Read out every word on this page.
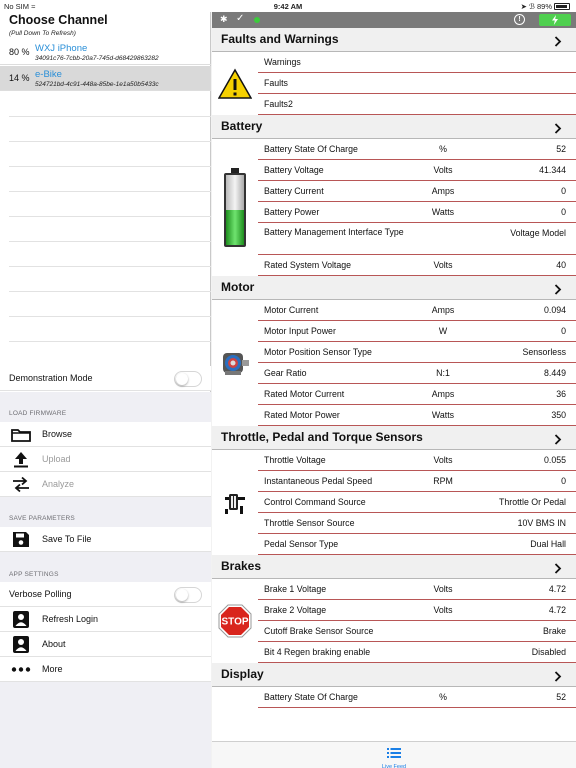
No SIM ≈	9:42 AM	➤ ℬ 89%
Choose Channel
(Pull Down To Refresh)
80 % WXJ iPhone
34091c76-7cbb-20a7-745d-d68429863282
14 % e-Bike
524721bd-4c91-448a-85be-1e1a50b5433c
Demonstration Mode
LOAD FIRMWARE
Browse
Upload
Analyze
SAVE PARAMETERS
Save To File
APP SETTINGS
Verbose Polling
Refresh Login
About
More
✱ ✓	!
Faults and Warnings
Warnings
Faults
Faults2
Battery
Battery State Of Charge	%	52
Battery Voltage	Volts	41.344
Battery Current	Amps	0
Battery Power	Watts	0
Battery Management Interface Type	Voltage Model
Rated System Voltage	Volts	40
Motor
Motor Current	Amps	0.094
Motor Input Power	W	0
Motor Position Sensor Type	Sensorless
Gear Ratio	N:1	8.449
Rated Motor Current	Amps	36
Rated Motor Power	Watts	350
Throttle, Pedal and Torque Sensors
Throttle Voltage	Volts	0.055
Instantaneous Pedal Speed	RPM	0
Control Command Source	Throttle Or Pedal
Throttle Sensor Source	10V BMS IN
Pedal Sensor Type	Dual Hall
Brakes
Brake 1 Voltage	Volts	4.72
Brake 2 Voltage	Volts	4.72
Cutoff Brake Sensor Source	Brake
Bit 4 Regen braking enable	Disabled
STOP
Display
Battery State Of Charge	%	52
Live Feed
